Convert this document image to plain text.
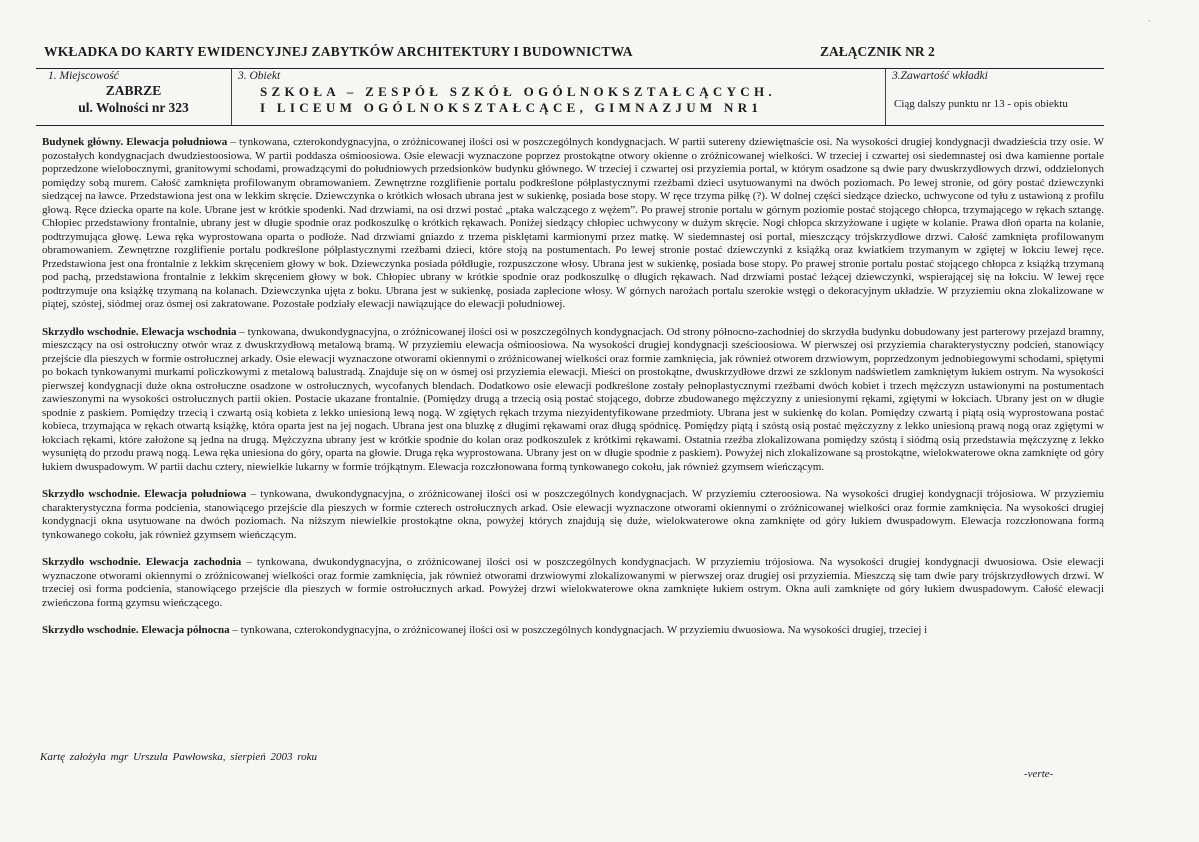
˙
WKŁADKA DO KARTY EWIDENCYJNEJ ZABYTKÓW ARCHITEKTURY I BUDOWNICTWA	ZAŁĄCZNIK NR 2
1. Miejscowość
ZABRZE
ul. Wolności nr 323
3. Obiekt
SZKOŁA – ZESPÓŁ SZKÓŁ OGÓLNOKSZTAŁCĄCYCH.
I LICEUM OGÓLNOKSZTAŁCĄCE, GIMNAZJUM NR1
3.Zawartość wkładki
Ciąg dalszy punktu nr 13 - opis obiektu

Budynek główny. Elewacja południowa – tynkowana, czterokondygnacyjna, o zróżnicowanej ilości osi w poszczególnych kondygnacjach. W partii sutereny dziewiętnaście osi. Na wysokości drugiej kondygnacji dwadzieścia trzy osie. W pozostałych kondygnacjach dwudziestoosiowa. W partii poddasza ośmioosiowa. Osie elewacji wyznaczone poprzez prostokątne otwory okienne o zróżnicowanej wielkości. W trzeciej i czwartej osi siedemnastej osi dwa kamienne portale poprzedzone wielobocznymi, granitowymi schodami, prowadzącymi do południowych przedsionków budynku głównego. W trzeciej i czwartej osi przyziemia portal, w którym osadzone są dwie pary dwuskrzydłowych drzwi, oddzielonych pomiędzy sobą murem. Całość zamknięta profilowanym obramowaniem. Zewnętrzne rozglifienie portalu podkreślone półplastycznymi rzeźbami dzieci usytuowanymi na dwóch poziomach. Po lewej stronie, od góry postać dziewczynki siedzącej na ławce. Przedstawiona jest ona w lekkim skręcie. Dziewczynka o krótkich włosach ubrana jest w sukienkę, posiada bose stopy. W ręce trzyma piłkę (?). W dolnej części siedzące dziecko, uchwycone od tyłu z ustawioną z profilu głową. Ręce dziecka oparte na kole. Ubrane jest w krótkie spodenki. Nad drzwiami, na osi drzwi postać „ptaka walczącego z wężem”. Po prawej stronie portalu w górnym poziomie postać stojącego chłopca, trzymającego w rękach sztangę. Chłopiec przedstawiony frontalnie, ubrany jest w długie spodnie oraz podkoszulkę o krótkich rękawach. Poniżej siedzący chłopiec uchwycony w dużym skręcie. Nogi chłopca skrzyżowane i ugięte w kolanie. Prawa dłoń oparta na kolanie, podtrzymująca głowę. Lewa ręka wyprostowana oparta o podłoże. Nad drzwiami gniazdo z trzema pisklętami karmionymi przez matkę. W siedemnastej osi portal, mieszczący trójskrzydłowe drzwi. Całość zamknięta profilowanym obramowaniem. Zewnętrzne rozglifienie portalu podkreślone półplastycznymi rzeźbami dzieci, które stoją na postumentach. Po lewej stronie postać dziewczynki z książką oraz kwiatkiem trzymanym w zgiętej w łokciu lewej ręce. Przedstawiona jest ona frontalnie z lekkim skręceniem głowy w bok. Dziewczynka posiada półdługie, rozpuszczone włosy. Ubrana jest w sukienkę, posiada bose stopy. Po prawej stronie portalu postać stojącego chłopca z książką trzymaną pod pachą, przedstawiona frontalnie z lekkim skręceniem głowy w bok. Chłopiec ubrany w krótkie spodnie oraz podkoszulkę o długich rękawach. Nad drzwiami postać leżącej dziewczynki, wspierającej się na łokciu. W lewej ręce podtrzymuje ona książkę trzymaną na kolanach. Dziewczynka ujęta z boku. Ubrana jest w sukienkę, posiada zaplecione włosy. W górnych narożach portalu szerokie wstęgi o dekoracyjnym układzie. W przyziemiu okna zlokalizowane w piątej, szóstej, siódmej oraz ósmej osi zakratowane. Pozostałe podziały elewacji nawiązujące do elewacji południowej.

Skrzydło wschodnie. Elewacja wschodnia – tynkowana, dwukondygnacyjna, o zróżnicowanej ilości osi w poszczególnych kondygnacjach. Od strony północno-zachodniej do skrzydła budynku dobudowany jest parterowy przejazd bramny, mieszczący na osi ostrołuczny otwór wraz z dwuskrzydłową metalową bramą. W przyziemiu elewacja ośmioosiowa. Na wysokości drugiej kondygnacji sześcioosiowa. W pierwszej osi przyziemia charakterystyczny podcień, stanowiący przejście dla pieszych w formie ostrołucznej arkady. Osie elewacji wyznaczone otworami okiennymi o zróżnicowanej wielkości oraz formie zamknięcia, jak również otworem drzwiowym, poprzedzonym jednobiegowymi schodami, spiętymi po bokach tynkowanymi murkami policzkowymi z metalową balustradą. Znajduje się on w ósmej osi przyziemia elewacji. Mieści on prostokątne, dwuskrzydłowe drzwi ze szklonym nadświetlem zamkniętym łukiem ostrym. Na wysokości pierwszej kondygnacji duże okna ostrołuczne osadzone w ostrołucznych, wycofanych blendach. Dodatkowo osie elewacji podkreślone zostały pełnoplastycznymi rzeźbami dwóch kobiet i trzech mężczyzn ustawionymi na postumentach zawieszonymi na wysokości ostrołucznych partii okien. Postacie ukazane frontalnie. (Pomiędzy drugą a trzecią osią postać stojącego, dobrze zbudowanego mężczyzny z uniesionymi rękami, zgiętymi w łokciach. Ubrany jest on w długie spodnie z paskiem. Pomiędzy trzecią i czwartą osią kobieta z lekko uniesioną lewą nogą. W zgiętych rękach trzyma niezyidentyfikowane przedmioty. Ubrana jest w sukienkę do kolan. Pomiędzy czwartą i piątą osią wyprostowana postać kobieca, trzymająca w rękach otwartą książkę, która oparta jest na jej nogach. Ubrana jest ona bluzkę z długimi rękawami oraz długą spódnicę. Pomiędzy piątą i szóstą osią postać mężczyzny z lekko uniesioną prawą nogą oraz zgiętymi w łokciach rękami, które założone są jedna na drugą. Mężczyzna ubrany jest w krótkie spodnie do kolan oraz podkoszulek z krótkimi rękawami. Ostatnia rzeźba zlokalizowana pomiędzy szóstą i siódmą osią przedstawia mężczyznę z lekko wysuniętą do przodu prawą nogą. Lewa ręka uniesiona do góry, oparta na głowie. Druga ręka wyprostowana. Ubrany jest on w długie spodnie z paskiem). Powyżej nich zlokalizowane są prostokątne, wielokwaterowe okna zamknięte od góry łukiem dwuspadowym. W partii dachu cztery, niewielkie lukarny w formie trójkątnym. Elewacja rozczłonowana formą tynkowanego cokołu, jak również gzymsem wieńczącym.

Skrzydło wschodnie. Elewacja południowa – tynkowana, dwukondygnacyjna, o zróżnicowanej ilości osi w poszczególnych kondygnacjach. W przyziemiu czteroosiowa. Na wysokości drugiej kondygnacji trójosiowa. W przyziemiu charakterystyczna forma podcienia, stanowiącego przejście dla pieszych w formie czterech ostrołucznych arkad. Osie elewacji wyznaczone otworami okiennymi o zróżnicowanej wielkości oraz formie zamknięcia. Na wysokości drugiej kondygnacji okna usytuowane na dwóch poziomach. Na niższym niewielkie prostokątne okna, powyżej których znajdują się duże, wielokwaterowe okna zamknięte od góry łukiem dwuspadowym. Elewacja rozczłonowana formą tynkowanego cokołu, jak również gzymsem wieńczącym.

Skrzydło wschodnie. Elewacja zachodnia – tynkowana, dwukondygnacyjna, o zróżnicowanej ilości osi w poszczególnych kondygnacjach. W przyziemiu trójosiowa. Na wysokości drugiej kondygnacji dwuosiowa. Osie elewacji wyznaczone otworami okiennymi o zróżnicowanej wielkości oraz formie zamknięcia, jak również otworami drzwiowymi zlokalizowanymi w pierwszej oraz drugiej osi przyziemia. Mieszczą się tam dwie pary trójskrzydłowych drzwi. W trzeciej osi forma podcienia, stanowiącego przejście dla pieszych w formie ostrołucznych arkad. Powyżej drzwi wielokwaterowe okna zamknięte łukiem ostrym. Okna auli zamknięte od góry łukiem dwuspadowym. Całość elewacji zwieńczona formą gzymsu wieńczącego.

Skrzydło wschodnie. Elewacja północna – tynkowana, czterokondygnacyjna, o zróżnicowanej ilości osi w poszczególnych kondygnacjach. W przyziemiu dwuosiowa. Na wysokości drugiej, trzeciej i

Kartę założyła mgr Urszula Pawłowska, sierpień 2003 roku
-verte-
